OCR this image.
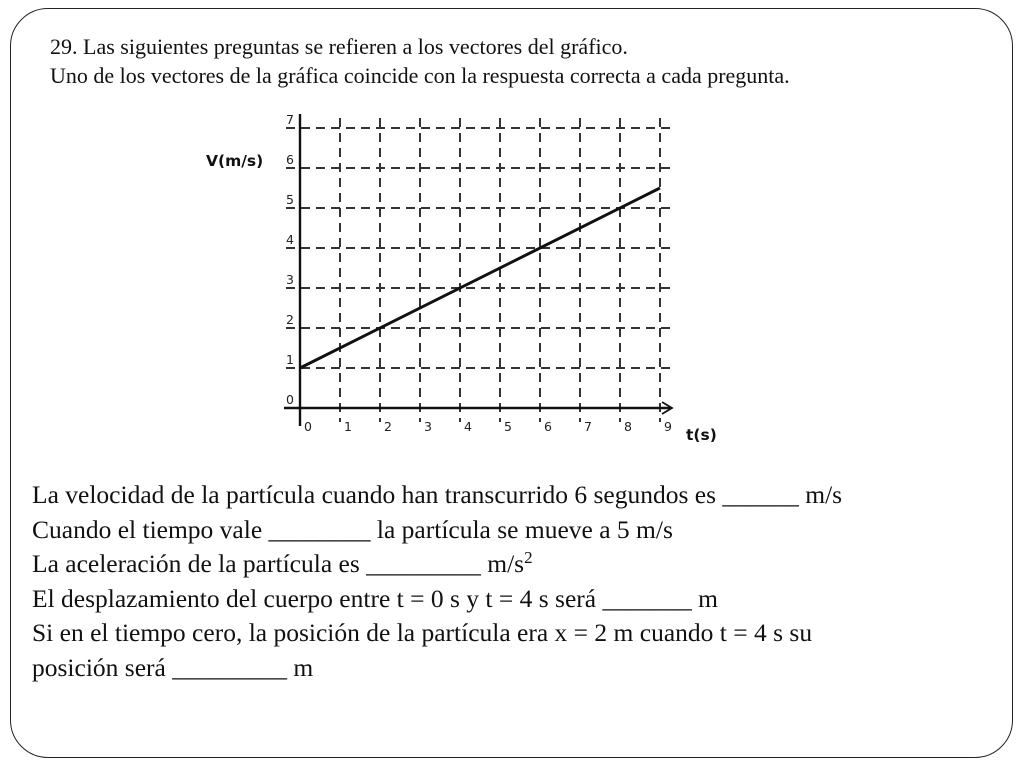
29. Las siguientes preguntas se refieren a los vectores del gráfico.
Uno de los vectores de la gráfica coincide con la respuesta correcta a cada pregunta.
0	1	2	3	4	5	6	7	8	9
0
1
2
3
4
5
6
7
V(m/s)
t(s)
La velocidad de la partícula cuando han transcurrido 6 segundos es ______ m/s
Cuando el tiempo vale ________ la partícula se mueve a 5 m/s
La aceleración de la partícula es _________ $m/s^2$
El desplazamiento del cuerpo entre t = 0 s y t = 4 s será _______ m
Si en el tiempo cero, la posición de la partícula era x = 2 m cuando t = 4 s su
posición será _________ m
